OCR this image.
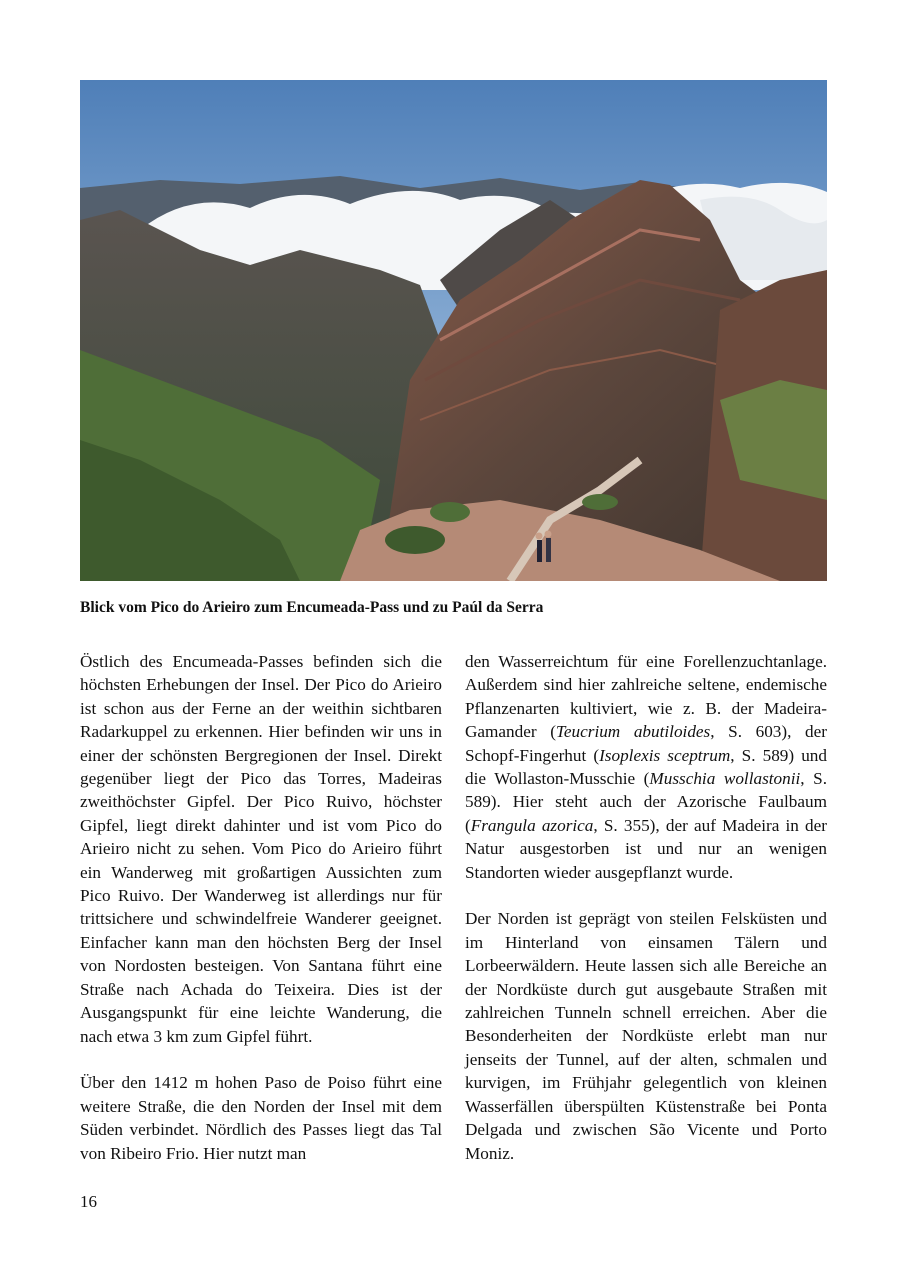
Blick vom Pico do Arieiro zum Encumeada-Pass und zu Paúl da Serra

Östlich des Encumeada-Passes befinden sich die höchsten Erhebungen der Insel. Der Pico do Arieiro ist schon aus der Ferne an der weithin sichtbaren Radarkuppel zu erkennen. Hier befinden wir uns in einer der schönsten Bergregionen der Insel. Direkt gegenüber liegt der Pico das Torres, Madeiras zweithöchster Gipfel. Der Pico Ruivo, höchster Gipfel, liegt direkt dahinter und ist vom Pico do Arieiro nicht zu sehen. Vom Pico do Arieiro führt ein Wanderweg mit großartigen Aussichten zum Pico Ruivo. Der Wanderweg ist allerdings nur für trittsichere und schwindelfreie Wanderer geeignet. Einfacher kann man den höchsten Berg der Insel von Nordosten besteigen. Von Santana führt eine Straße nach Achada do Teixeira. Dies ist der Ausgangspunkt für eine leichte Wanderung, die nach etwa 3 km zum Gipfel führt.

Über den 1412 m hohen Paso de Poiso führt eine weitere Straße, die den Norden der Insel mit dem Süden verbindet. Nördlich des Passes liegt das Tal von Ribeiro Frio. Hier nutzt man

den Wasserreichtum für eine Forellenzuchtanlage. Außerdem sind hier zahlreiche seltene, endemische Pflanzenarten kultiviert, wie z. B. der Madeira-Gamander (Teucrium abutiloides, S. 603), der Schopf-Fingerhut (Isoplexis sceptrum, S. 589) und die Wollaston-Musschie (Musschia wollastonii, S. 589). Hier steht auch der Azorische Faulbaum (Frangula azorica, S. 355), der auf Madeira in der Natur ausgestorben ist und nur an wenigen Standorten wieder ausgepflanzt wurde.

Der Norden ist geprägt von steilen Felsküsten und im Hinterland von einsamen Tälern und Lorbeerwäldern. Heute lassen sich alle Bereiche an der Nordküste durch gut ausgebaute Straßen mit zahlreichen Tunneln schnell erreichen. Aber die Besonderheiten der Nordküste erlebt man nur jenseits der Tunnel, auf der alten, schmalen und kurvigen, im Frühjahr gelegentlich von kleinen Wasserfällen überspülten Küstenstraße bei Ponta Delgada und zwischen São Vicente und Porto Moniz.

16
